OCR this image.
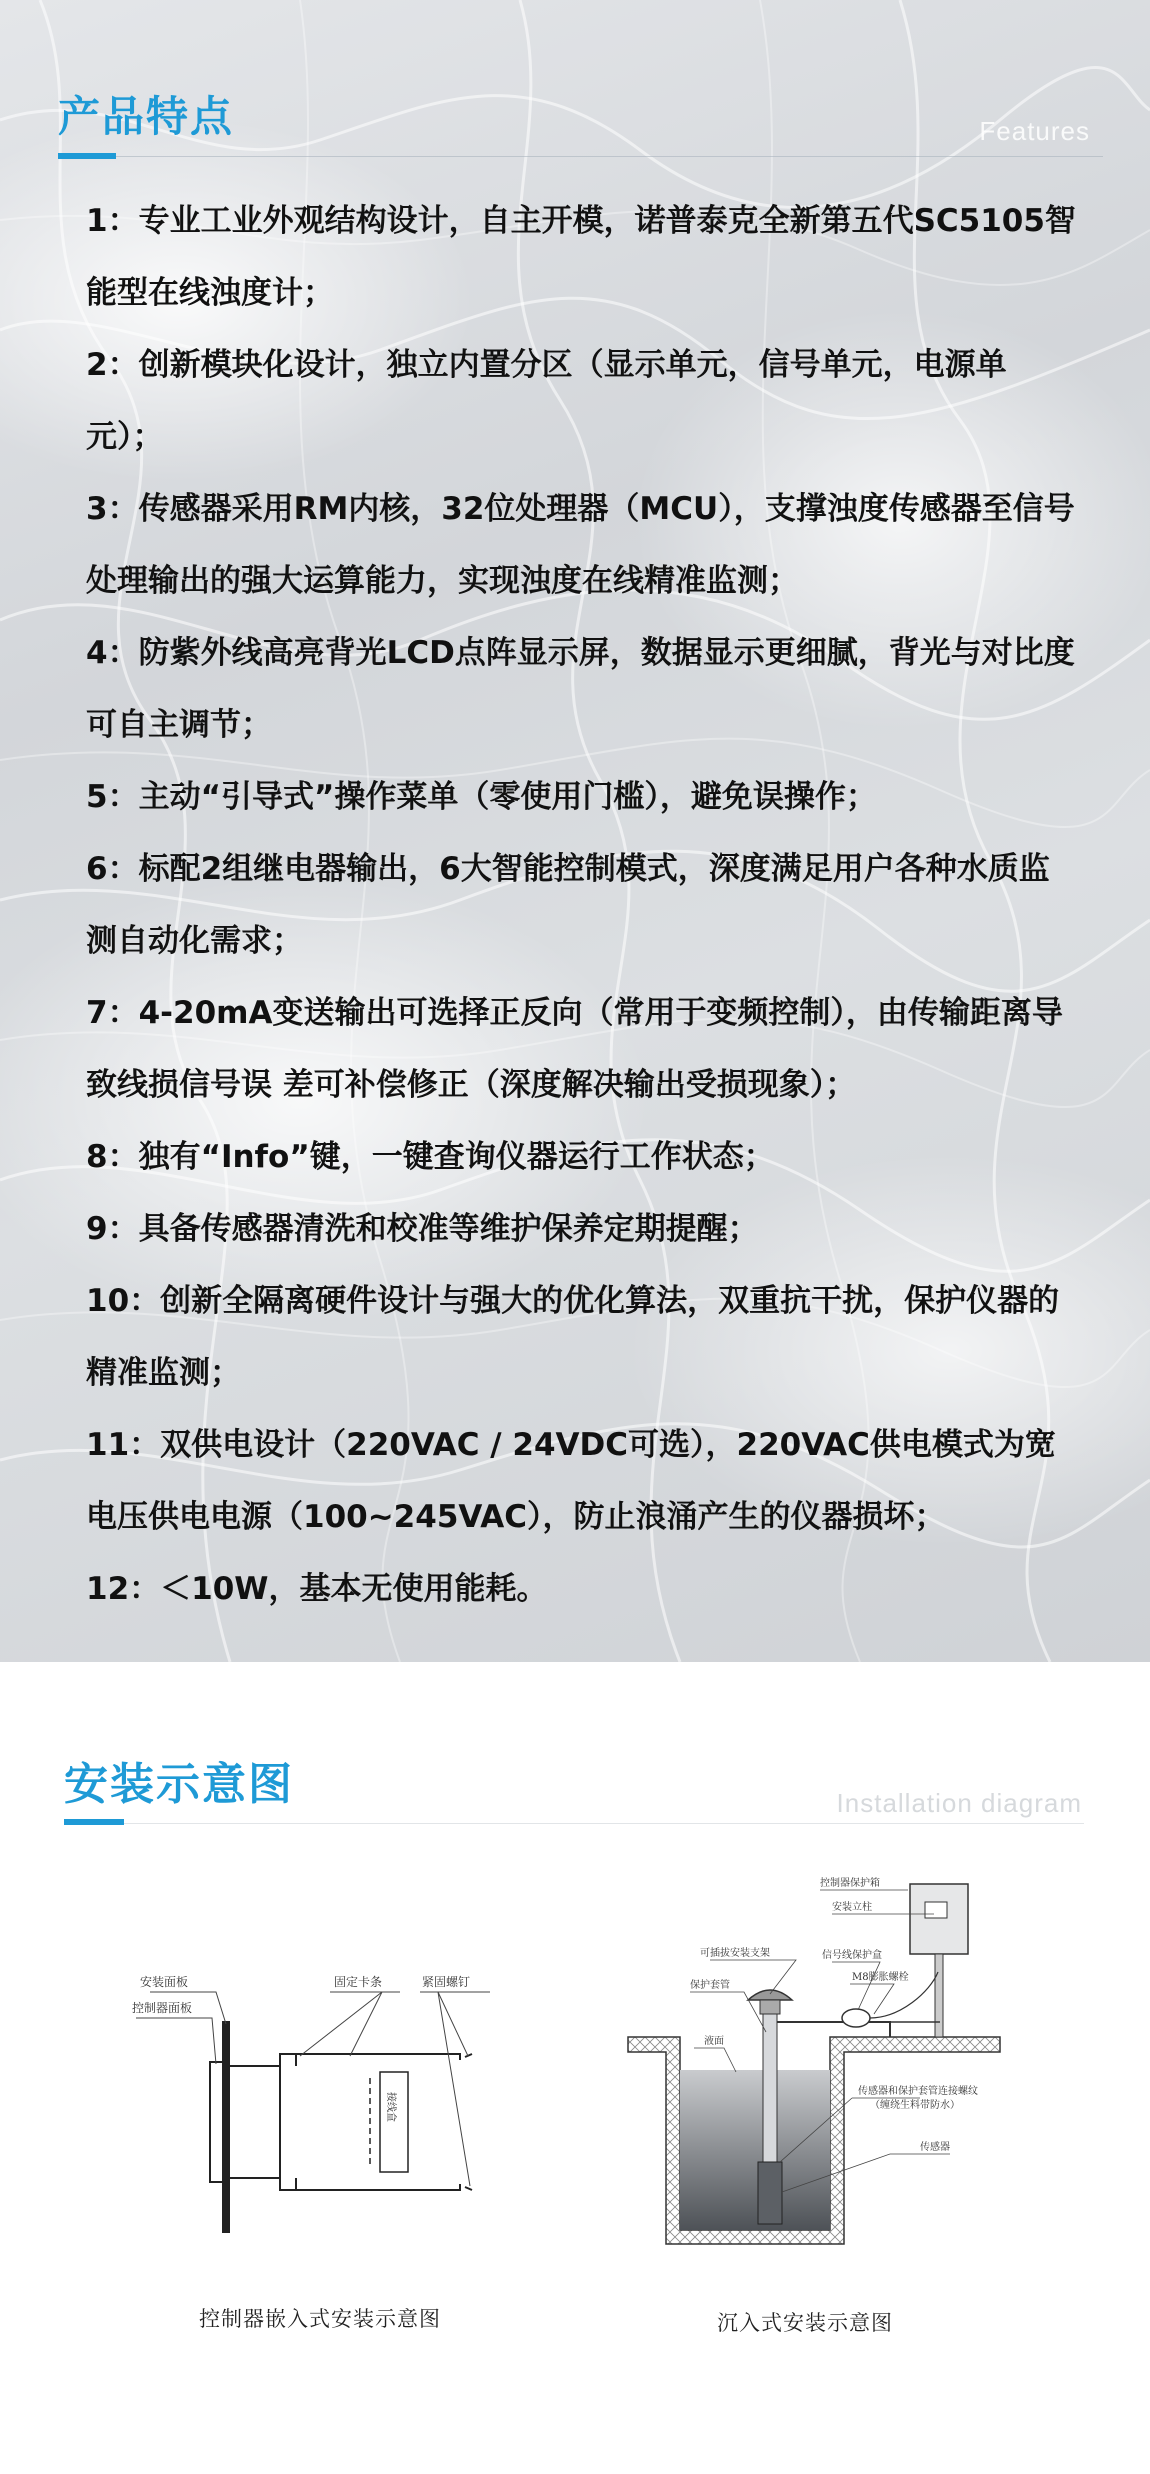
产品特点	Features

1：专业工业外观结构设计，自主开模，诺普泰克全新第五代SC5105智能型在线浊度计；

2：创新模块化设计，独立内置分区（显示单元，信号单元，电源单元）；

3：传感器采用RM内核，32位处理器（MCU），支撑浊度传感器至信号处理输出的强大运算能力，实现浊度在线精准监测；

4：防紫外线高亮背光LCD点阵显示屏，数据显示更细腻，背光与对比度可自主调节；

5：主动“引导式”操作菜单（零使用门槛），避免误操作；

6：标配2组继电器输出，6大智能控制模式，深度满足用户各种水质监测自动化需求；

7：4-20mA变送输出可选择正反向（常用于变频控制），由传输距离导致线损信号误 差可补偿修正（深度解决输出受损现象）；

8：独有“Info”键，一键查询仪器运行工作状态；

9：具备传感器清洗和校准等维护保养定期提醒；

10：创新全隔离硬件设计与强大的优化算法，双重抗干扰，保护仪器的精准监测；

11：双供电设计（220VAC / 24VDC可选），220VAC供电模式为宽电压供电电源（100~245VAC），防止浪涌产生的仪器损坏；

12：＜10W，基本无使用能耗。

安装示意图	Installation diagram
安装面板
控制器面板
固定卡条	紧固螺钉
接线盒
控制器嵌入式安装示意图
控制器保护箱
安装立柱
可插拔安装支架	信号线保护盒
M8膨胀螺栓
保护套管
液面
传感器和保护套管连接螺纹
（缠绕生料带防水）
传感器
沉入式安装示意图
